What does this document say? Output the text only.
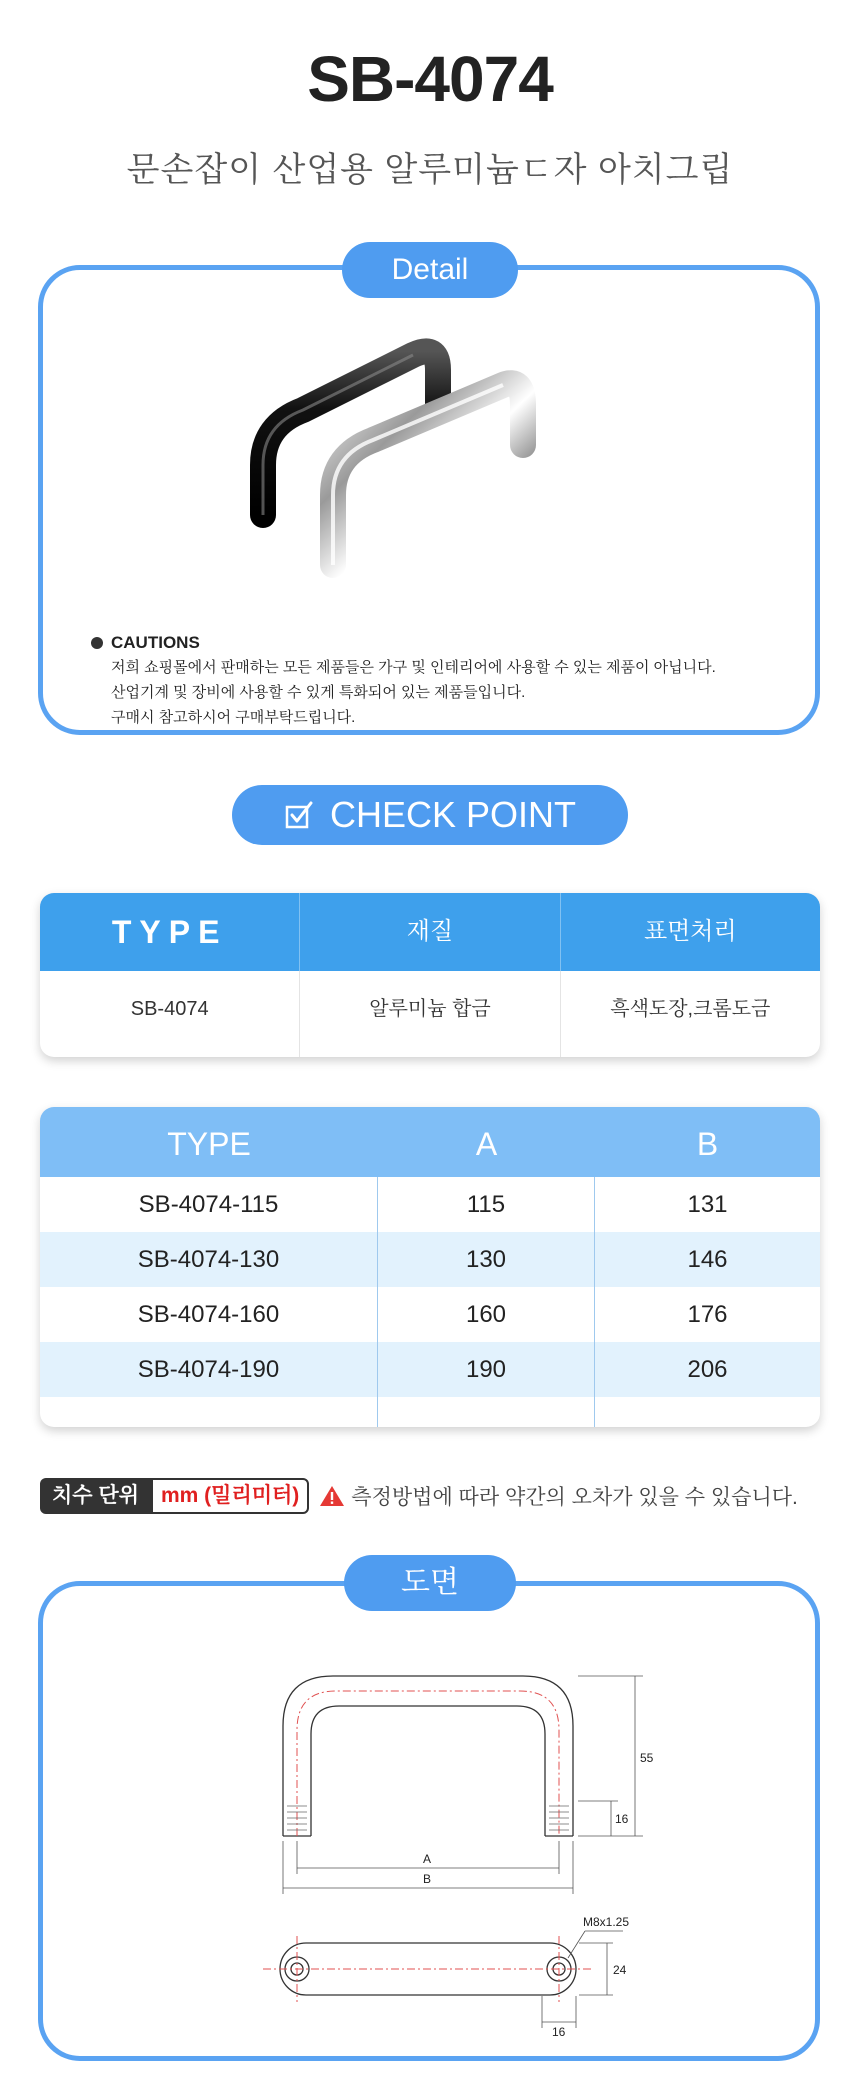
SB-4074
문손잡이 산업용 알루미늄ㄷ자 아치그립
CAUTIONS
저희 쇼핑몰에서 판매하는 모든 제품들은 가구 및 인테리어에 사용할 수 있는 제품이 아닙니다.
산업기계 및 장비에 사용할 수 있게 특화되어 있는 제품들입니다.
구매시 참고하시어 구매부탁드립니다.
Detail
CHECK POINT
TYPE	재질	표면처리
SB-4074	알루미늄 합금	흑색도장,크롬도금
TYPE	A	B
SB-4074-115	115	131
SB-4074-130	130	146
SB-4074-160	160	176
SB-4074-190	190	206
치수 단위	mm (밀리미터)	측정방법에 따라 약간의 오차가 있을 수 있습니다.
55
16
A
B
M8x1.25
24
16
도면
